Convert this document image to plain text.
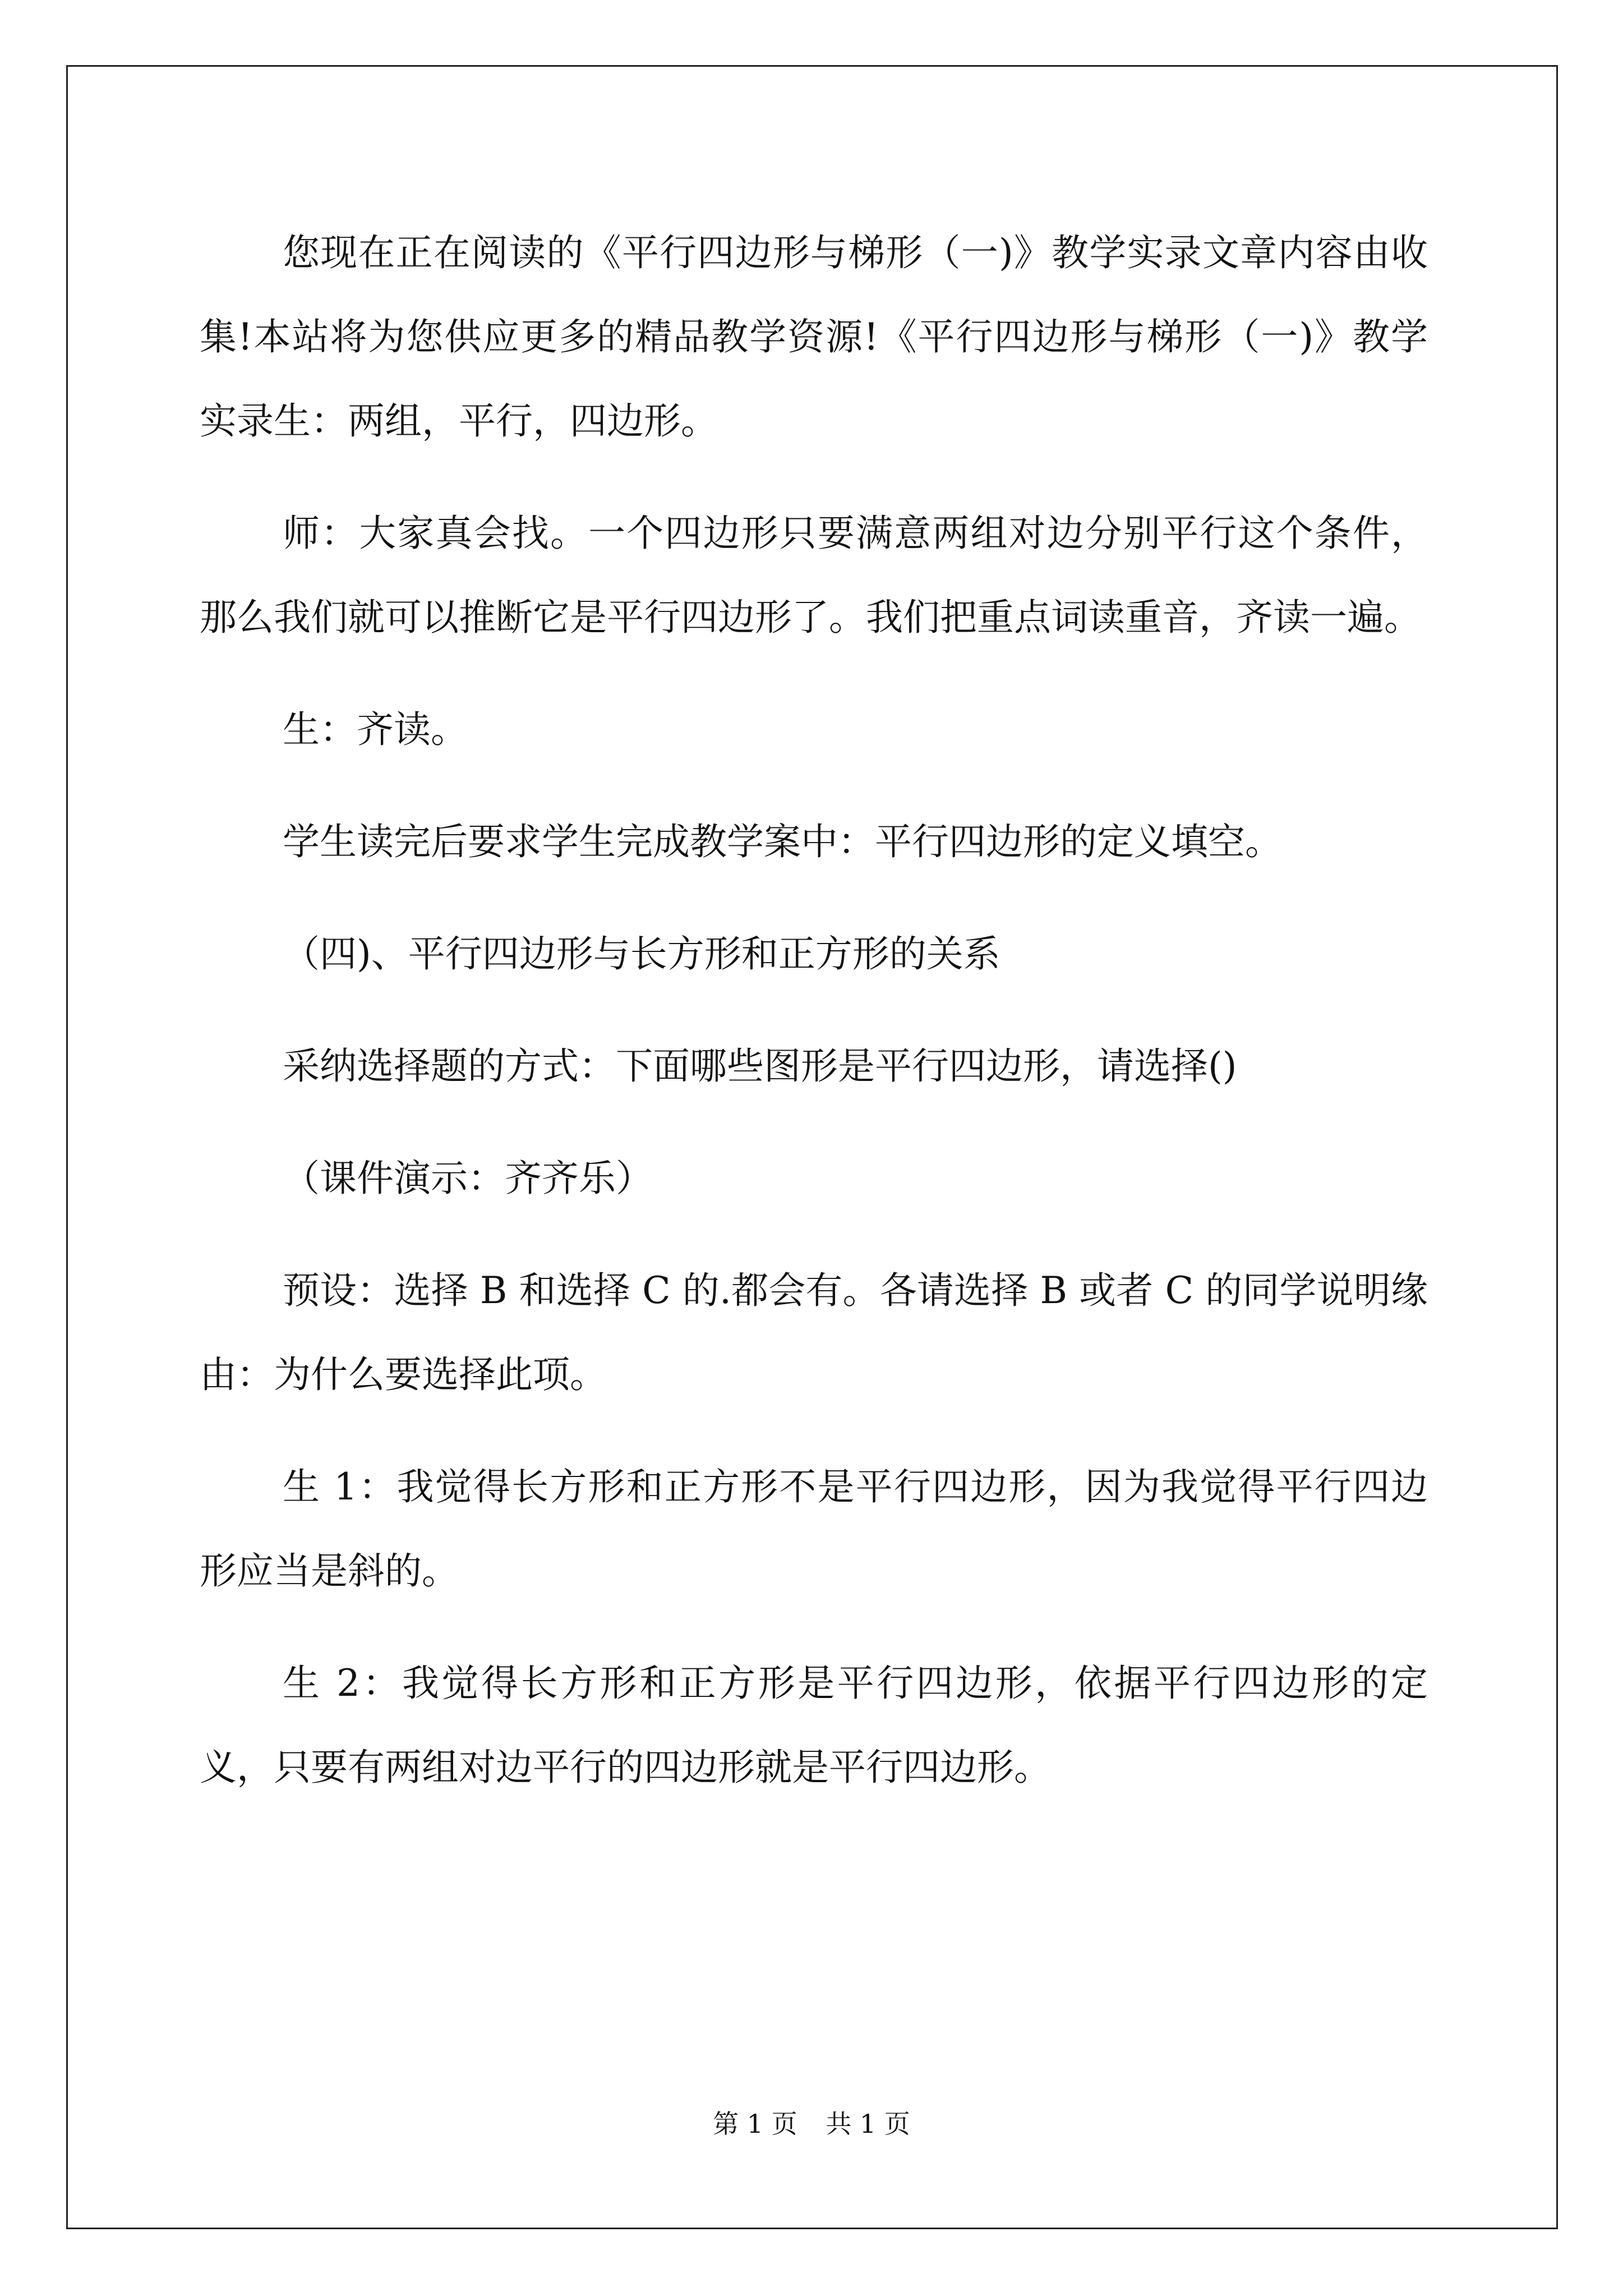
您现在正在阅读的《平行四边形与梯形（一)》教学实录文章内容由收集!本站将为您供应更多的精品教学资源!《平行四边形与梯形（一)》教学实录生：两组，平行，四边形。

师：大家真会找。一个四边形只要满意两组对边分别平行这个条件，那么我们就可以推断它是平行四边形了。我们把重点词读重音，齐读一遍。

生：齐读。

学生读完后要求学生完成教学案中：平行四边形的定义填空。

（四)、平行四边形与长方形和正方形的关系

采纳选择题的方式：下面哪些图形是平行四边形，请选择()

（课件演示：齐齐乐）

预设：选择 B 和选择 C 的.都会有。各请选择 B 或者 C 的同学说明缘由：为什么要选择此项。

生 1：我觉得长方形和正方形不是平行四边形，因为我觉得平行四边形应当是斜的。

生 2：我觉得长方形和正方形是平行四边形，依据平行四边形的定义，只要有两组对边平行的四边形就是平行四边形。

第 1 页 共 1 页
